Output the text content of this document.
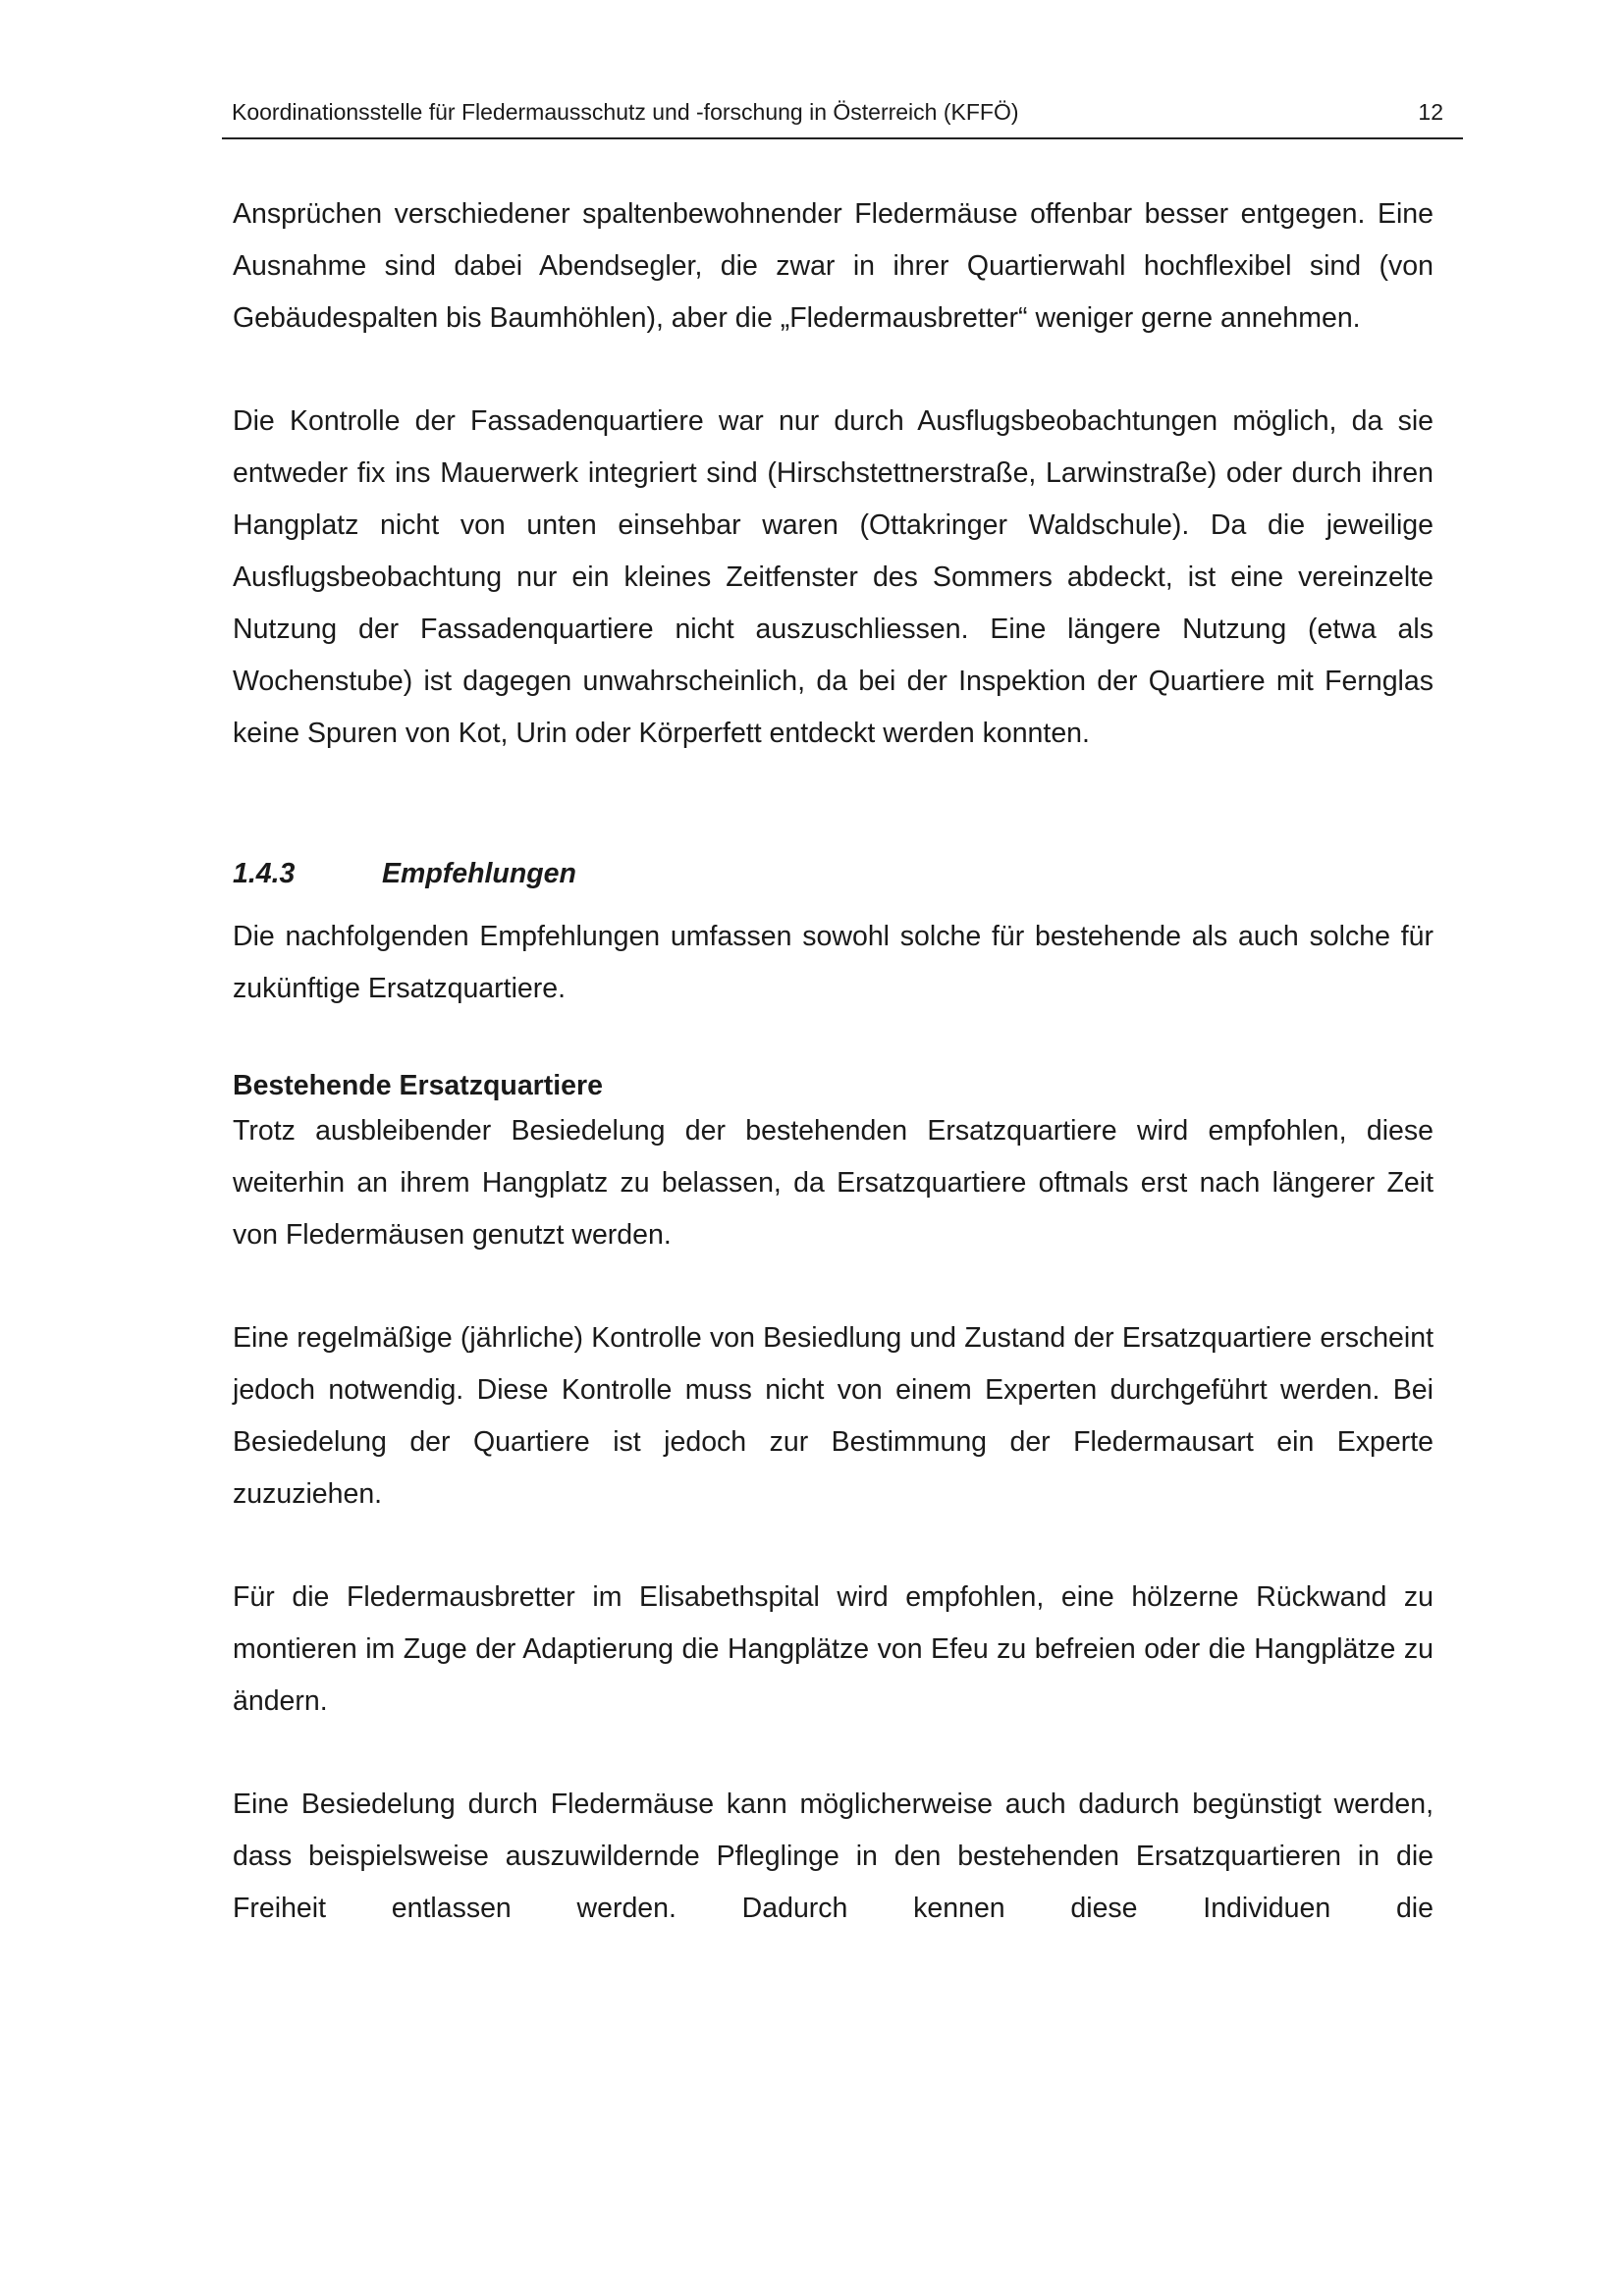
Koordinationsstelle für Fledermausschutz und -forschung in Österreich (KFFÖ)	12

Ansprüchen verschiedener spaltenbewohnender Fledermäuse offenbar besser entgegen. Eine Ausnahme sind dabei Abendsegler, die zwar in ihrer Quartierwahl hochflexibel sind (von Gebäudespalten bis Baumhöhlen), aber die „Fledermausbretter“ weniger gerne annehmen.

Die Kontrolle der Fassadenquartiere war nur durch Ausflugsbeobachtungen möglich, da sie entweder fix ins Mauerwerk integriert sind (Hirschstettnerstraße, Larwinstraße) oder durch ihren Hangplatz nicht von unten einsehbar waren (Ottakringer Waldschule). Da die jeweilige Ausflugsbeobachtung nur ein kleines Zeitfenster des Sommers abdeckt, ist eine vereinzelte Nutzung der Fassadenquartiere nicht auszuschliessen. Eine längere Nutzung (etwa als Wochenstube) ist dagegen unwahrscheinlich, da bei der Inspektion der Quartiere mit Fernglas keine Spuren von Kot, Urin oder Körperfett entdeckt werden konnten.

1.4.3	Empfehlungen

Die nachfolgenden Empfehlungen umfassen sowohl solche für bestehende als auch solche für zukünftige Ersatzquartiere.

Bestehende Ersatzquartiere

Trotz ausbleibender Besiedelung der bestehenden Ersatzquartiere wird empfohlen, diese weiterhin an ihrem Hangplatz zu belassen, da Ersatzquartiere oftmals erst nach längerer Zeit von Fledermäusen genutzt werden.

Eine regelmäßige (jährliche) Kontrolle von Besiedlung und Zustand der Ersatzquartiere erscheint jedoch notwendig. Diese Kontrolle muss nicht von einem Experten durchgeführt werden. Bei Besiedelung der Quartiere ist jedoch zur Bestimmung der Fledermausart ein Experte zuzuziehen.

Für die Fledermausbretter im Elisabethspital wird empfohlen, eine hölzerne Rückwand zu montieren im Zuge der Adaptierung die Hangplätze von Efeu zu befreien oder die Hangplätze zu ändern.

Eine Besiedelung durch Fledermäuse kann möglicherweise auch dadurch begünstigt werden, dass beispielsweise auszuwildernde Pfleglinge in den bestehenden Ersatzquartieren in die Freiheit entlassen werden. Dadurch kennen diese Individuen die
